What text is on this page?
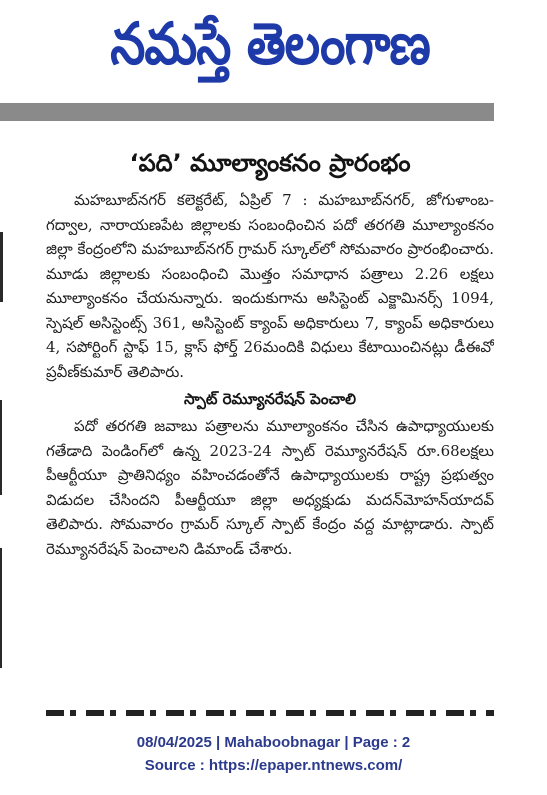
నమస్తే తెలంగాణ
‘పది’ మూల్యాంకనం ప్రారంభం

మహబూబ్‌నగర్ కలెక్టరేట్, ఏప్రిల్ 7 : మహబూబ్‌నగర్, జోగుళాంబ-గద్వాల, నారాయణపేట జిల్లాలకు సంబంధించిన పదో తరగతి మూల్యాంకనం జిల్లా కేంద్రంలోని మహబూబ్‌నగర్ గ్రామర్ స్కూల్‌లో సోమవారం ప్రారంభించారు. మూడు జిల్లాలకు సంబంధించి మొత్తం సమాధాన పత్రాలు 2.26 లక్షలు మూల్యాంకనం చేయనున్నారు. ఇందుకుగాను అసిస్టెంట్ ఎక్జామినర్స్ 1094, స్పెషల్ అసిస్టెంట్స్ 361, అసిస్టెంట్ క్యాంప్ అధికారులు 7, క్యాంప్ అధికారులు 4, సపోర్టింగ్ స్టాఫ్ 15, క్లాస్ ఫోర్త్ 26మందికి విధులు కేటాయించినట్లు డీఈవో ప్రవీణ్‌కుమార్ తెలిపారు.

స్పాట్ రెమ్యూనరేషన్ పెంచాలి

పదో తరగతి జవాబు పత్రాలను మూల్యాంకనం చేసిన ఉపాధ్యాయులకు గతేడాది పెండింగ్‌లో ఉన్న 2023-24 స్పాట్ రెమ్యూనరేషన్ రూ.68లక్షలు పీఆర్టీయూ ప్రాతినిధ్యం వహించడంతోనే ఉపాధ్యాయులకు రాష్ట్ర ప్రభుత్వం విడుదల చేసిందని పీఆర్టీయూ జిల్లా అధ్యక్షుడు మదన్‌మోహన్‌యాదవ్ తెలిపారు. సోమవారం గ్రామర్ స్కూల్ స్పాట్ కేంద్రం వద్ద మాట్లాడారు. స్పాట్ రెమ్యూనరేషన్ పెంచాలని డిమాండ్ చేశారు.

08/04/2025 | Mahaboobnagar | Page : 2
Source : https://epaper.ntnews.com/
